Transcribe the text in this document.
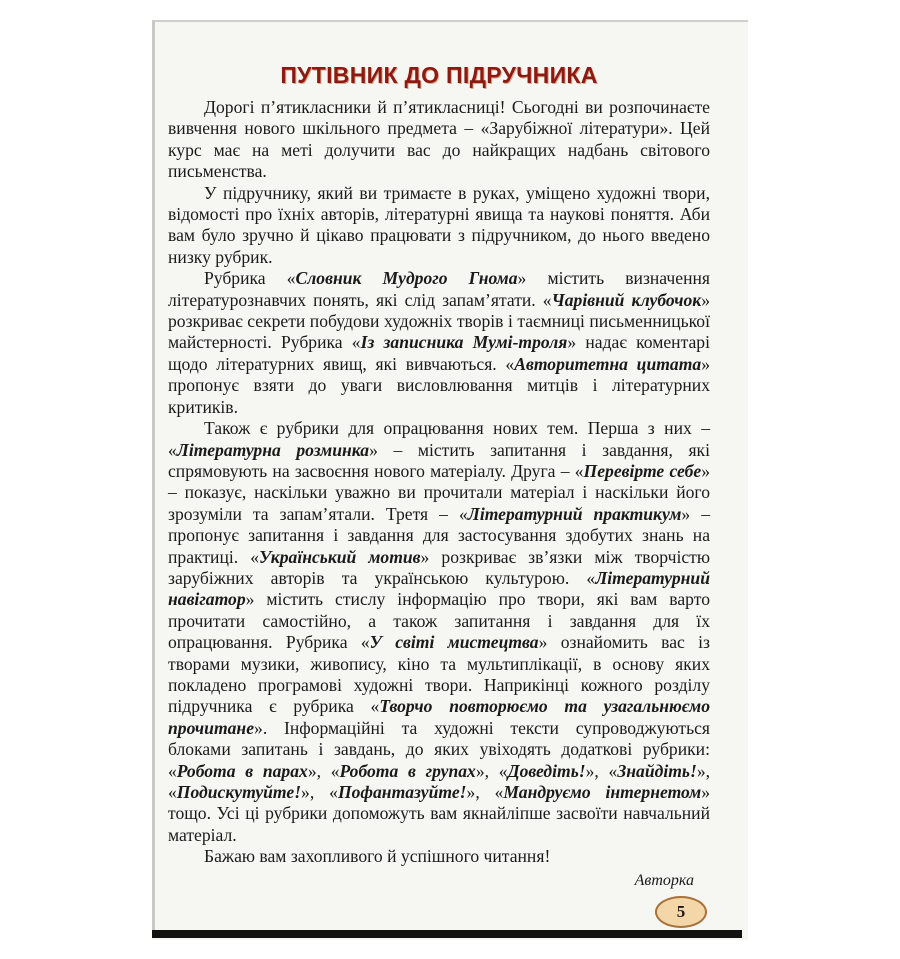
ПУТІВНИК ДО ПІДРУЧНИКА

Дорогі п’ятикласники й п’ятикласниці! Сьогодні ви розпочинаєте вивчення нового шкільного предмета – «Зарубіжної літератури». Цей курс має на меті долучити вас до найкращих надбань світового письменства.

У підручнику, який ви тримаєте в руках, уміщено художні твори, відомості про їхніх авторів, літературні явища та наукові поняття. Аби вам було зручно й цікаво працювати з підручником, до нього введено низку рубрик.

Рубрика «Словник Мудрого Гнома» містить визначення літературознавчих понять, які слід запам’ятати. «Чарівний клубочок» розкриває секрети побудови художніх творів і таємниці письменницької майстерності. Рубрика «Із записника Мумі-троля» надає коментарі щодо літературних явищ, які вивчаються. «Авторитетна цитата» пропонує взяти до уваги висловлювання митців і літературних критиків.

Також є рубрики для опрацювання нових тем. Перша з них – «Літературна розминка» – містить запитання і завдання, які спрямовують на засвоєння нового матеріалу. Друга – «Перевірте себе» – показує, наскільки уважно ви прочитали матеріал і наскільки його зрозуміли та запам’ятали. Третя – «Літературний практикум» – пропонує запитання і завдання для застосування здобутих знань на практиці. «Український мотив» розкриває зв’язки між творчістю зарубіжних авторів та українською культурою. «Літературний навігатор» містить стислу інформацію про твори, які вам варто прочитати самостійно, а також запитання і завдання для їх опрацювання. Рубрика «У світі мистецтва» ознайомить вас із творами музики, живопису, кіно та мультиплікації, в основу яких покладено програмові художні твори. Наприкінці кожного розділу підручника є рубрика «Творчо повторюємо та узагальнюємо прочитане». Інформаційні та художні тексти супроводжуються блоками запитань і завдань, до яких увіходять додаткові рубрики: «Робота в парах», «Робота в групах», «Доведіть!», «Знайдіть!», «Подискутуйте!», «Пофантазуйте!», «Мандруємо інтернетом» тощо. Усі ці рубрики допоможуть вам якнайліпше засвоїти навчальний матеріал.

Бажаю вам захопливого й успішного читання!

Авторка
5
